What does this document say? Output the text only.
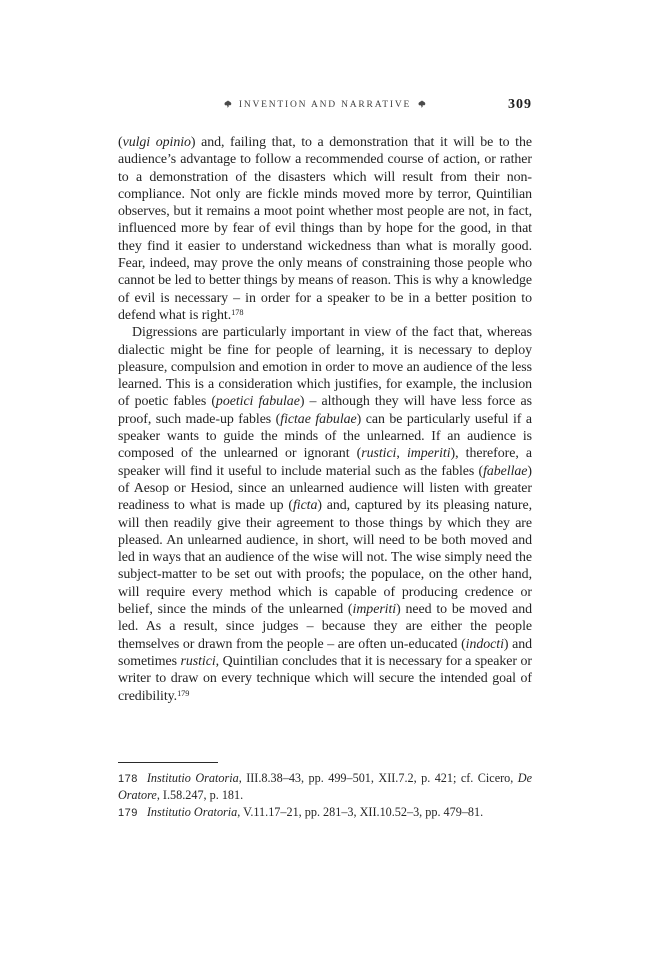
INVENTION AND NARRATIVE	309

(vulgi opinio) and, failing that, to a demonstration that it will be to the audience’s advantage to follow a recommended course of action, or rather to a demonstration of the disasters which will result from their non-compliance. Not only are fickle minds moved more by terror, Quintilian observes, but it remains a moot point whether most people are not, in fact, influenced more by fear of evil things than by hope for the good, in that they find it easier to understand wickedness than what is morally good. Fear, indeed, may prove the only means of constraining those people who cannot be led to better things by means of reason. This is why a knowledge of evil is necessary – in order for a speaker to be in a better position to defend what is right.$^{178}$

Digressions are particularly important in view of the fact that, whereas dialectic might be fine for people of learning, it is necessary to deploy pleasure, compulsion and emotion in order to move an audience of the less learned. This is a consideration which justifies, for example, the inclusion of poetic fables (poetici fabulae) – although they will have less force as proof, such made-up fables (fictae fabulae) can be particularly useful if a speaker wants to guide the minds of the unlearned. If an audience is composed of the unlearned or ignorant (rustici, imperiti), therefore, a speaker will find it useful to include material such as the fables (fabellae) of Aesop or Hesiod, since an unlearned audience will listen with greater readiness to what is made up (ficta) and, captured by its pleasing nature, will then readily give their agreement to those things by which they are pleased. An unlearned audience, in short, will need to be both moved and led in ways that an audience of the wise will not. The wise simply need the subject-matter to be set out with proofs; the populace, on the other hand, will require every method which is capable of producing credence or belief, since the minds of the unlearned (imperiti) need to be moved and led. As a result, since judges – because they are either the people themselves or drawn from the people – are often un-educated (indocti) and sometimes rustici, Quintilian concludes that it is necessary for a speaker or writer to draw on every technique which will secure the intended goal of credibility.$^{179}$

178 Institutio Oratoria, III.8.38–43, pp. 499–501, XII.7.2, p. 421; cf. Cicero, De Oratore, I.58.247, p. 181.

179 Institutio Oratoria, V.11.17–21, pp. 281–3, XII.10.52–3, pp. 479–81.
